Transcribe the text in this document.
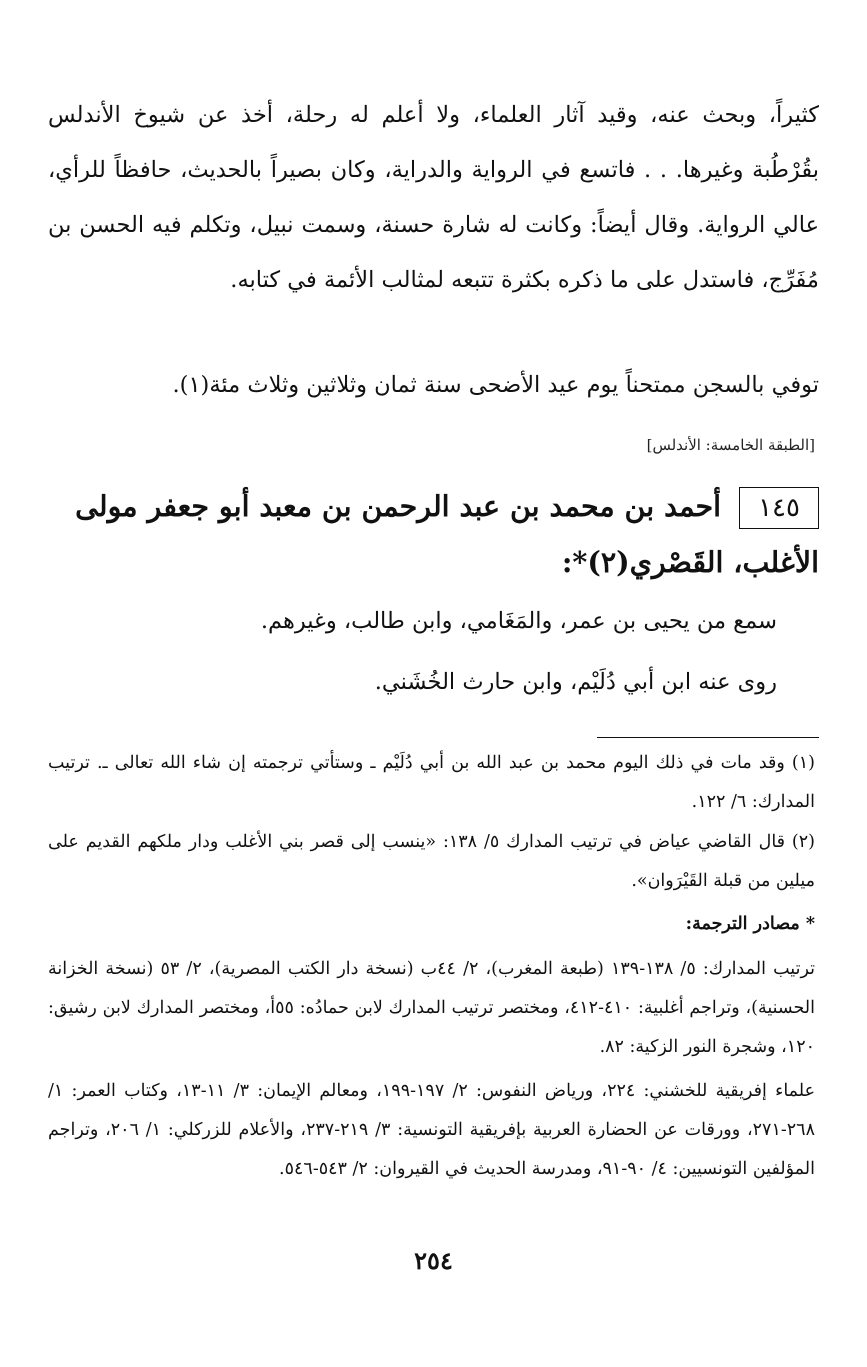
كثيراً، وبحث عنه، وقيد آثار العلماء، ولا أعلم له رحلة، أخذ عن شيوخ الأندلس بقُرْطُبة وغيرها. . . فاتسع في الرواية والدراية، وكان بصيراً بالحديث، حافظاً للرأي، عالي الرواية. وقال أيضاً: وكانت له شارة حسنة، وسمت نبيل، وتكلم فيه الحسن بن مُفَرِّج، فاستدل على ما ذكره بكثرة تتبعه لمثالب الأئمة في كتابه.

توفي بالسجن ممتحناً يوم عيد الأضحى سنة ثمان وثلاثين وثلاث مئة(١).

[الطبقة الخامسة: الأندلس]
١٤٥أحمد بن محمد بن عبد الرحمن بن معبد أبو جعفر مولى الأغلب، القَصْري(٢)*:
سمع من يحيى بن عمر، والمَغَامي، وابن طالب، وغيرهم.
روى عنه ابن أبي دُلَيْم، وابن حارث الخُشَني.

(١) وقد مات في ذلك اليوم محمد بن عبد الله بن أبي دُلَيْم ـ وستأتي ترجمته إن شاء الله تعالى ـ. ترتيب المدارك: ٦/ ١٢٢.

(٢) قال القاضي عياض في ترتيب المدارك ٥/ ١٣٨: «ينسب إلى قصر بني الأغلب ودار ملكهم القديم على ميلين من قبلة القَيْرَوان».

* مصادر الترجمة:

ترتيب المدارك: ٥/ ١٣٨-١٣٩ (طبعة المغرب)، ٢/ ٤٤ب (نسخة دار الكتب المصرية)، ٢/ ٥٣ (نسخة الخزانة الحسنية)، وتراجم أغلبية: ٤١٠-٤١٢، ومختصر ترتيب المدارك لابن حمادُه: ٥٥أ، ومختصر المدارك لابن رشيق: ١٢٠، وشجرة النور الزكية: ٨٢.

علماء إفريقية للخشني: ٢٢٤، ورياض النفوس: ٢/ ١٩٧-١٩٩، ومعالم الإيمان: ٣/ ١١-١٣، وكتاب العمر: ١/ ٢٦٨-٢٧١، وورقات عن الحضارة العربية بإفريقية التونسية: ٣/ ٢١٩-٢٣٧، والأعلام للزركلي: ١/ ٢٠٦، وتراجم المؤلفين التونسيين: ٤/ ٩٠-٩١، ومدرسة الحديث في القيروان: ٢/ ٥٤٣-٥٤٦.

٢٥٤
